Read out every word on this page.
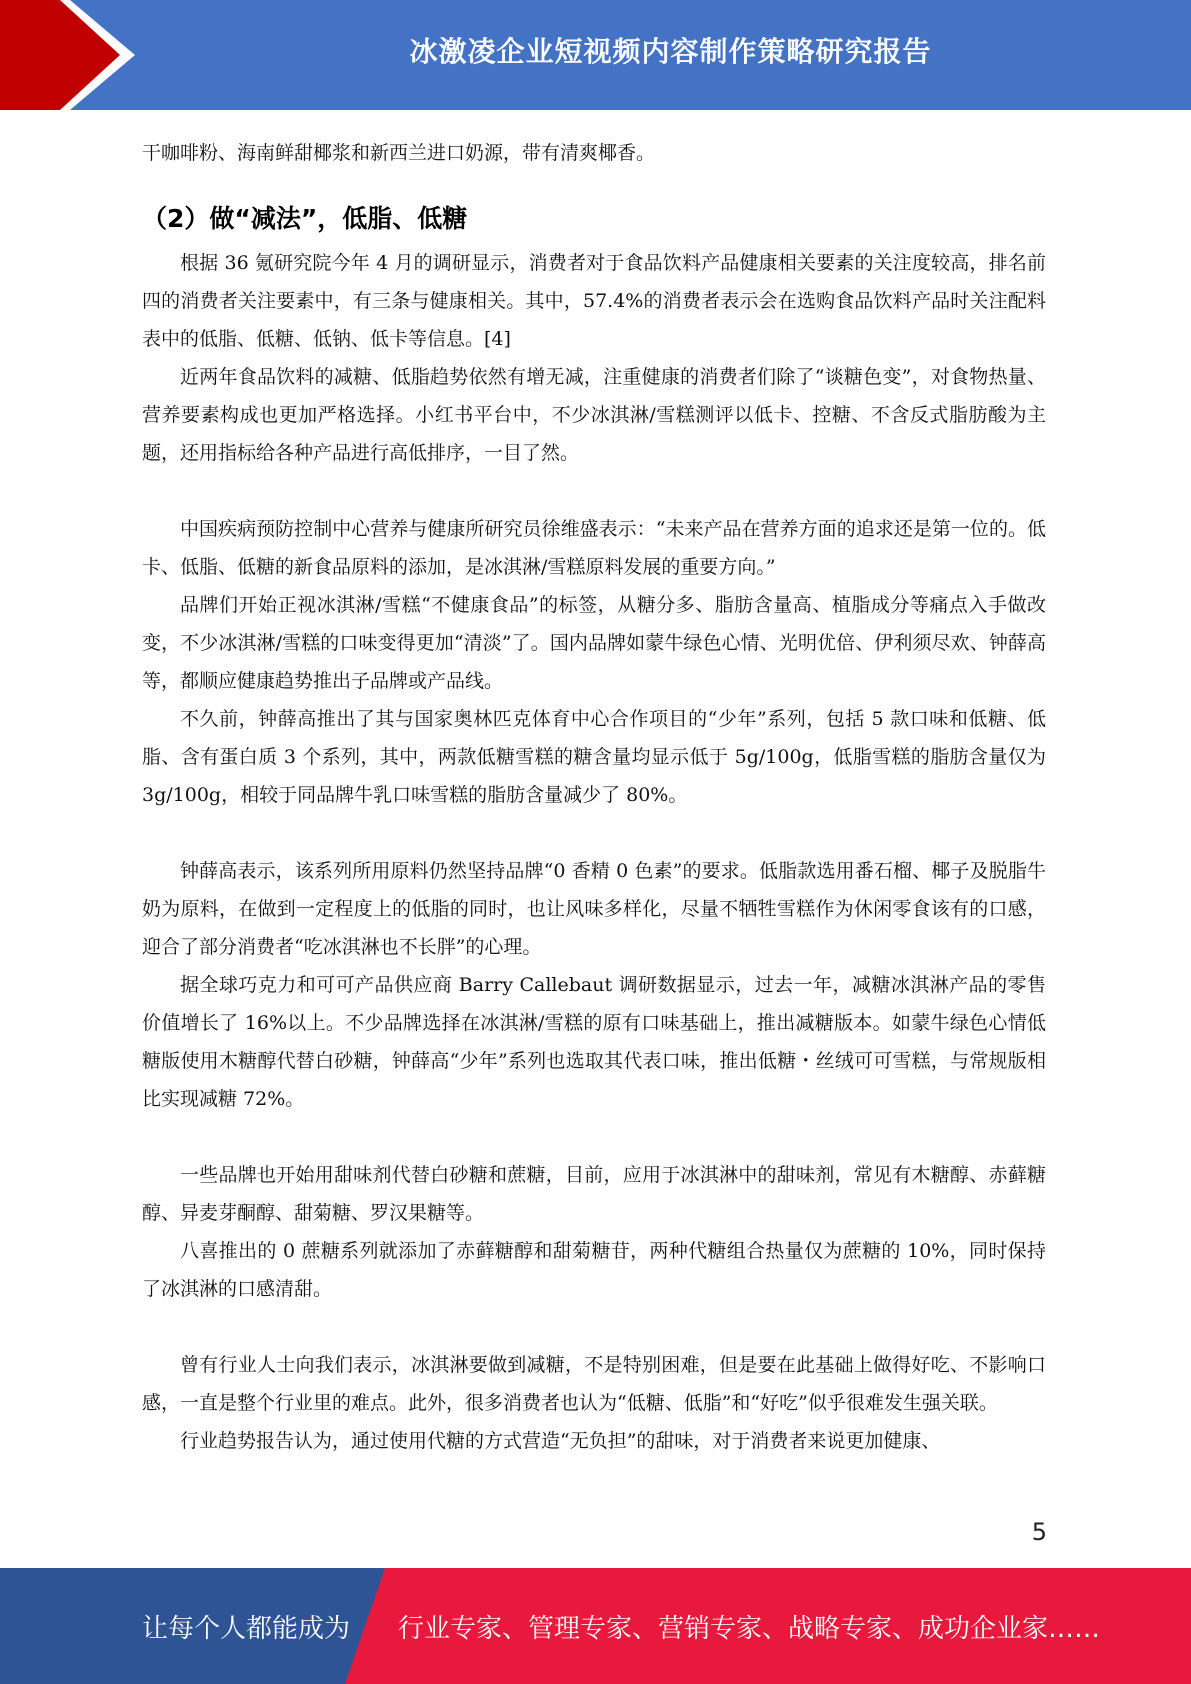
冰激凌企业短视频内容制作策略研究报告

干咖啡粉、海南鲜甜椰浆和新西兰进口奶源，带有清爽椰香。

（2）做“减法”，低脂、低糖

根据 36 氪研究院今年 4 月的调研显示，消费者对于食品饮料产品健康相关要素的关注度较高，排名前四的消费者关注要素中，有三条与健康相关。其中，57.4%的消费者表示会在选购食品饮料产品时关注配料表中的低脂、低糖、低钠、低卡等信息。[4]

近两年食品饮料的减糖、低脂趋势依然有增无减，注重健康的消费者们除了“谈糖色变”，对食物热量、营养要素构成也更加严格选择。小红书平台中，不少冰淇淋/雪糕测评以低卡、控糖、不含反式脂肪酸为主题，还用指标给各种产品进行高低排序，一目了然。

中国疾病预防控制中心营养与健康所研究员徐维盛表示：“未来产品在营养方面的追求还是第一位的。低卡、低脂、低糖的新食品原料的添加，是冰淇淋/雪糕原料发展的重要方向。”

品牌们开始正视冰淇淋/雪糕“不健康食品”的标签，从糖分多、脂肪含量高、植脂成分等痛点入手做改变，不少冰淇淋/雪糕的口味变得更加“清淡”了。国内品牌如蒙牛绿色心情、光明优倍、伊利须尽欢、钟薛高等，都顺应健康趋势推出子品牌或产品线。

不久前，钟薛高推出了其与国家奥林匹克体育中心合作项目的“少年”系列，包括 5 款口味和低糖、低脂、含有蛋白质 3 个系列，其中，两款低糖雪糕的糖含量均显示低于 5g/100g，低脂雪糕的脂肪含量仅为 3g/100g，相较于同品牌牛乳口味雪糕的脂肪含量减少了 80%。

钟薛高表示，该系列所用原料仍然坚持品牌“0 香精 0 色素”的要求。低脂款选用番石榴、椰子及脱脂牛奶为原料，在做到一定程度上的低脂的同时，也让风味多样化，尽量不牺牲雪糕作为休闲零食该有的口感，迎合了部分消费者“吃冰淇淋也不长胖”的心理。

据全球巧克力和可可产品供应商 Barry Callebaut 调研数据显示，过去一年，减糖冰淇淋产品的零售价值增长了 16%以上。不少品牌选择在冰淇淋/雪糕的原有口味基础上，推出减糖版本。如蒙牛绿色心情低糖版使用木糖醇代替白砂糖，钟薛高“少年”系列也选取其代表口味，推出低糖・丝绒可可雪糕，与常规版相比实现减糖 72%。

一些品牌也开始用甜味剂代替白砂糖和蔗糖，目前，应用于冰淇淋中的甜味剂，常见有木糖醇、赤藓糖醇、异麦芽酮醇、甜菊糖、罗汉果糖等。

八喜推出的 0 蔗糖系列就添加了赤藓糖醇和甜菊糖苷，两种代糖组合热量仅为蔗糖的 10%，同时保持了冰淇淋的口感清甜。

曾有行业人士向我们表示，冰淇淋要做到减糖，不是特别困难，但是要在此基础上做得好吃、不影响口感，一直是整个行业里的难点。此外，很多消费者也认为“低糖、低脂”和“好吃”似乎很难发生强关联。

行业趋势报告认为，通过使用代糖的方式营造“无负担”的甜味，对于消费者来说更加健康、

5
让每个人都能成为 行业专家、管理专家、营销专家、战略专家、成功企业家……
